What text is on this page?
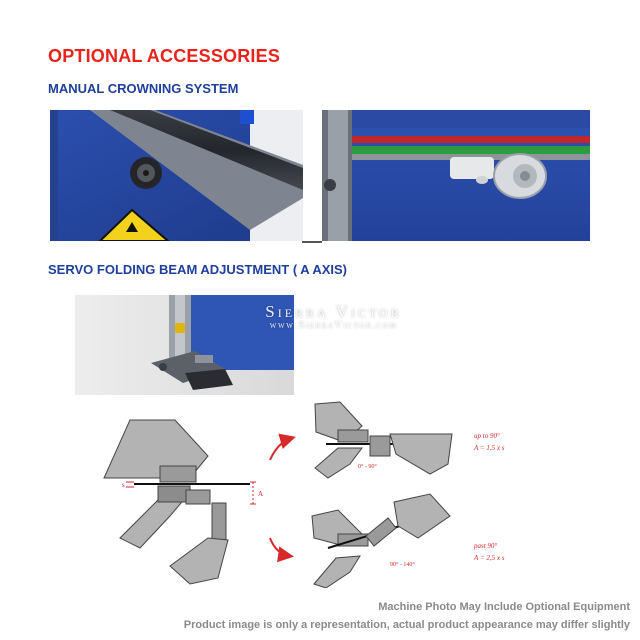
OPTIONAL ACCESSORIES
MANUAL CROWNING SYSTEM
SERVO FOLDING BEAM ADJUSTMENT ( A AXIS)
Sierra Victor
www.SierraVictor.com
s
A
0° - 90°
up to 90°
A = 1,5 x s
90° - 140°
past 90°
A = 2,5 x s

Machine Photo May Include Optional Equipment

Product image is only a representation, actual product appearance may differ slightly
